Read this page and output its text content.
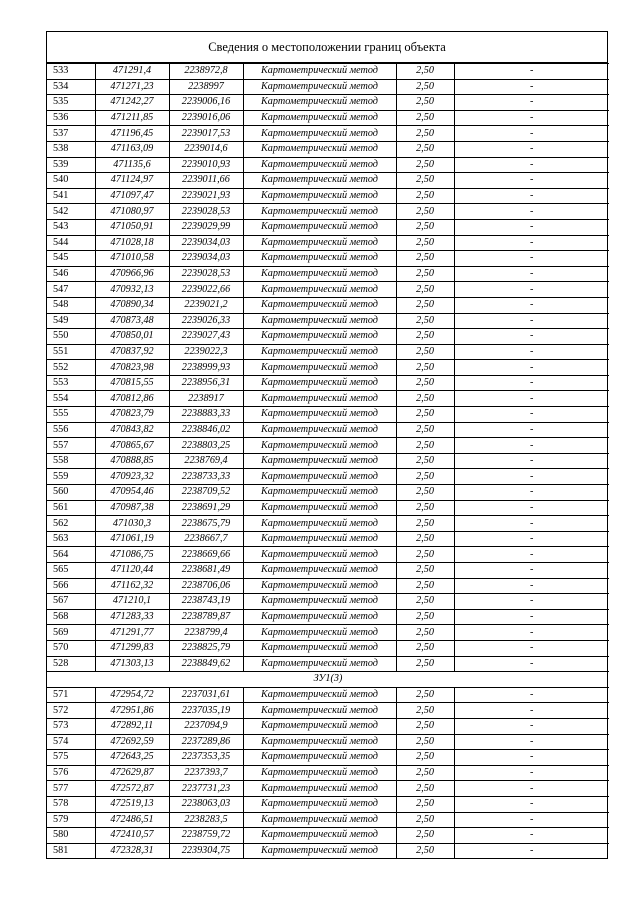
Сведения о местоположении границ объекта
533	471291,4	2238972,8	Картометрический метод	2,50	-
534	471271,23	2238997	Картометрический метод	2,50	-
535	471242,27	2239006,16	Картометрический метод	2,50	-
536	471211,85	2239016,06	Картометрический метод	2,50	-
537	471196,45	2239017,53	Картометрический метод	2,50	-
538	471163,09	2239014,6	Картометрический метод	2,50	-
539	471135,6	2239010,93	Картометрический метод	2,50	-
540	471124,97	2239011,66	Картометрический метод	2,50	-
541	471097,47	2239021,93	Картометрический метод	2,50	-
542	471080,97	2239028,53	Картометрический метод	2,50	-
543	471050,91	2239029,99	Картометрический метод	2,50	-
544	471028,18	2239034,03	Картометрический метод	2,50	-
545	471010,58	2239034,03	Картометрический метод	2,50	-
546	470966,96	2239028,53	Картометрический метод	2,50	-
547	470932,13	2239022,66	Картометрический метод	2,50	-
548	470890,34	2239021,2	Картометрический метод	2,50	-
549	470873,48	2239026,33	Картометрический метод	2,50	-
550	470850,01	2239027,43	Картометрический метод	2,50	-
551	470837,92	2239022,3	Картометрический метод	2,50	-
552	470823,98	2238999,93	Картометрический метод	2,50	-
553	470815,55	2238956,31	Картометрический метод	2,50	-
554	470812,86	2238917	Картометрический метод	2,50	-
555	470823,79	2238883,33	Картометрический метод	2,50	-
556	470843,82	2238846,02	Картометрический метод	2,50	-
557	470865,67	2238803,25	Картометрический метод	2,50	-
558	470888,85	2238769,4	Картометрический метод	2,50	-
559	470923,32	2238733,33	Картометрический метод	2,50	-
560	470954,46	2238709,52	Картометрический метод	2,50	-
561	470987,38	2238691,29	Картометрический метод	2,50	-
562	471030,3	2238675,79	Картометрический метод	2,50	-
563	471061,19	2238667,7	Картометрический метод	2,50	-
564	471086,75	2238669,66	Картометрический метод	2,50	-
565	471120,44	2238681,49	Картометрический метод	2,50	-
566	471162,32	2238706,06	Картометрический метод	2,50	-
567	471210,1	2238743,19	Картометрический метод	2,50	-
568	471283,33	2238789,87	Картометрический метод	2,50	-
569	471291,77	2238799,4	Картометрический метод	2,50	-
570	471299,83	2238825,79	Картометрический метод	2,50	-
528	471303,13	2238849,62	Картометрический метод	2,50	-
ЗУ1(3)					
571	472954,72	2237031,61	Картометрический метод	2,50	-
572	472951,86	2237035,19	Картометрический метод	2,50	-
573	472892,11	2237094,9	Картометрический метод	2,50	-
574	472692,59	2237289,86	Картометрический метод	2,50	-
575	472643,25	2237353,35	Картометрический метод	2,50	-
576	472629,87	2237393,7	Картометрический метод	2,50	-
577	472572,87	2237731,23	Картометрический метод	2,50	-
578	472519,13	2238063,03	Картометрический метод	2,50	-
579	472486,51	2238283,5	Картометрический метод	2,50	-
580	472410,57	2238759,72	Картометрический метод	2,50	-
581	472328,31	2239304,75	Картометрический метод	2,50	-
